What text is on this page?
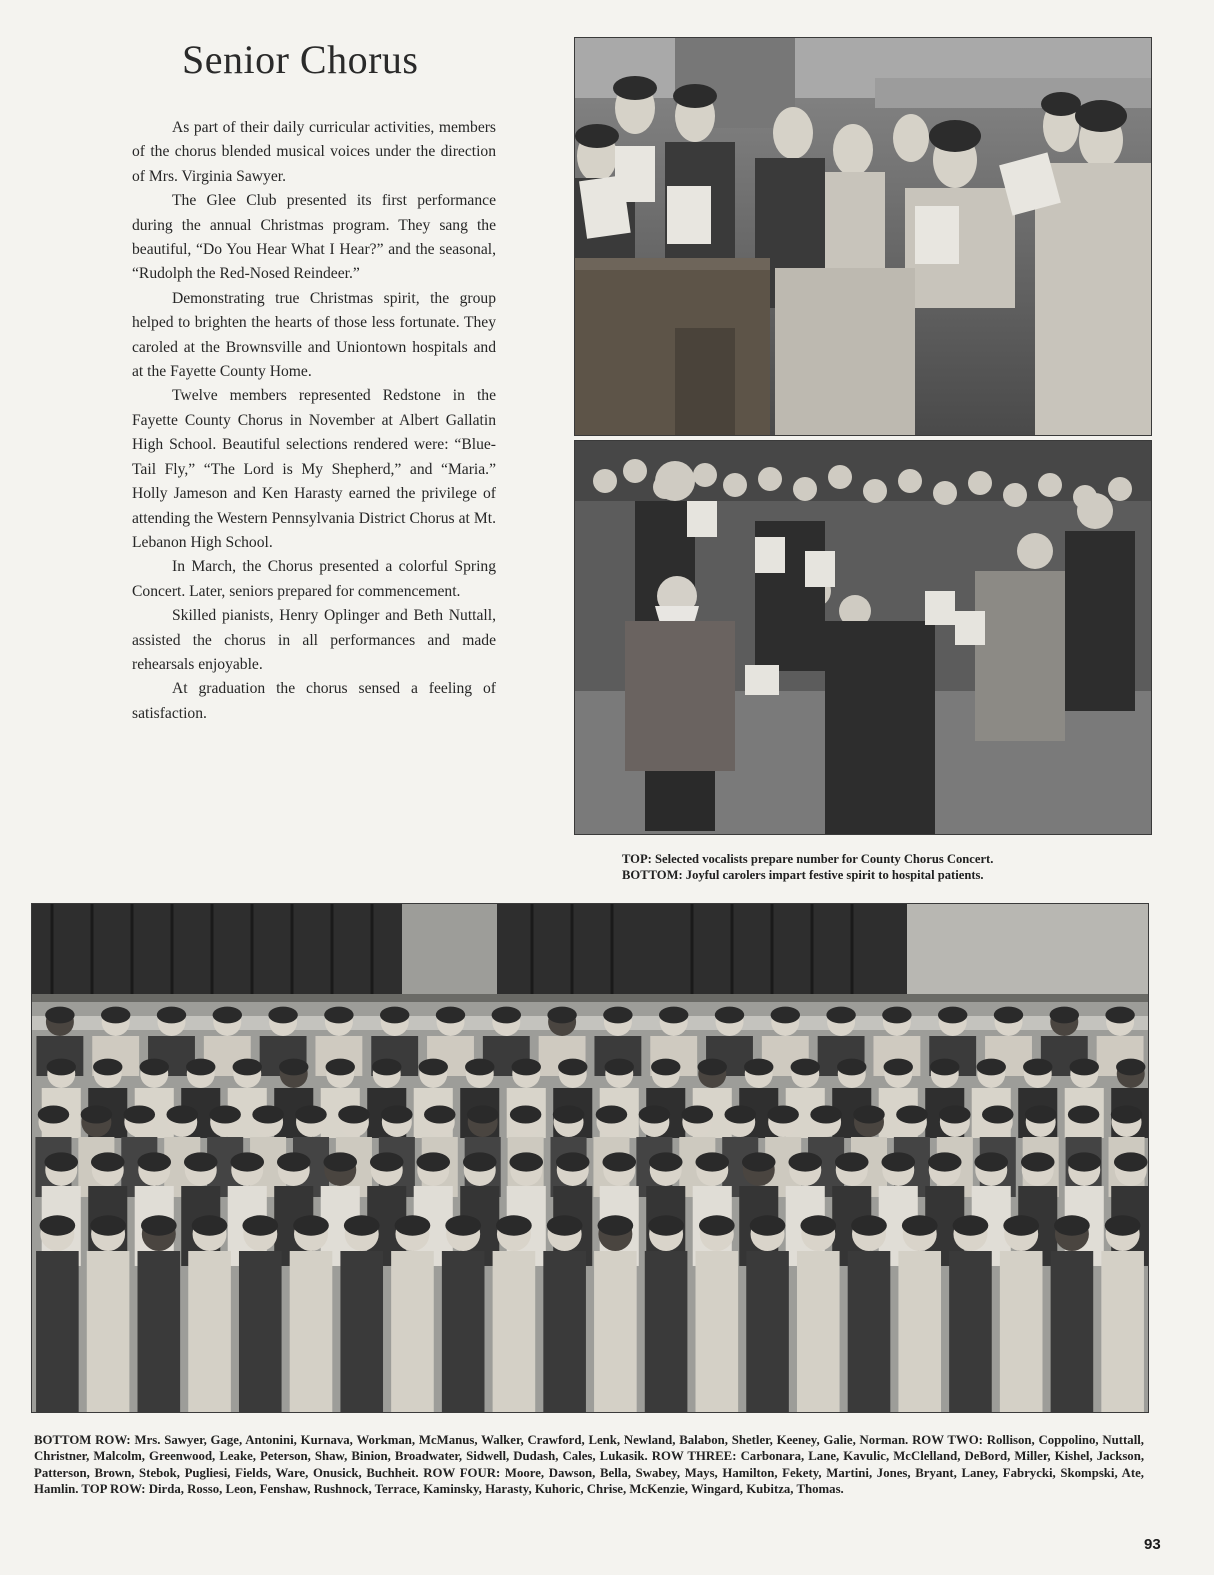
Senior Chorus

As part of their daily curricular activities, members of the chorus blended musical voices under the direction of Mrs. Virginia Sawyer.

The Glee Club presented its first performance during the annual Christmas program. They sang the beautiful, “Do You Hear What I Hear?” and the seasonal, “Rudolph the Red-Nosed Reindeer.”

Demonstrating true Christmas spirit, the group helped to brighten the hearts of those less fortunate. They caroled at the Brownsville and Uniontown hospitals and at the Fayette County Home.

Twelve members represented Redstone in the Fayette County Chorus in November at Albert Gallatin High School. Beautiful selections rendered were: “Blue-Tail Fly,” “The Lord is My Shepherd,” and “Maria.” Holly Jameson and Ken Harasty earned the privilege of attending the Western Pennsylvania District Chorus at Mt. Lebanon High School.

In March, the Chorus presented a colorful Spring Concert. Later, seniors prepared for commencement.

Skilled pianists, Henry Oplinger and Beth Nuttall, assisted the chorus in all performances and made rehearsals enjoyable.

At graduation the chorus sensed a feeling of satisfaction.

TOP: Selected vocalists prepare number for County Chorus Concert.
BOTTOM: Joyful carolers impart festive spirit to hospital patients.
BOTTOM ROW: Mrs. Sawyer, Gage, Antonini, Kurnava, Workman, McManus, Walker, Crawford, Lenk, Newland, Balabon, Shetler, Keeney, Galie, Norman. ROW TWO: Rollison, Coppolino, Nuttall, Christner, Malcolm, Greenwood, Leake, Peterson, Shaw, Binion, Broadwater, Sidwell, Dudash, Cales, Lukasik. ROW THREE: Carbonara, Lane, Kavulic, McClelland, DeBord, Miller, Kishel, Jackson, Patterson, Brown, Stebok, Pugliesi, Fields, Ware, Onusick, Buchheit. ROW FOUR: Moore, Dawson, Bella, Swabey, Mays, Hamilton, Fekety, Martini, Jones, Bryant, Laney, Fabrycki, Skompski, Ate, Hamlin. TOP ROW: Dirda, Rosso, Leon, Fenshaw, Rushnock, Terrace, Kaminsky, Harasty, Kuhoric, Chrise, McKenzie, Wingard, Kubitza, Thomas.
93
